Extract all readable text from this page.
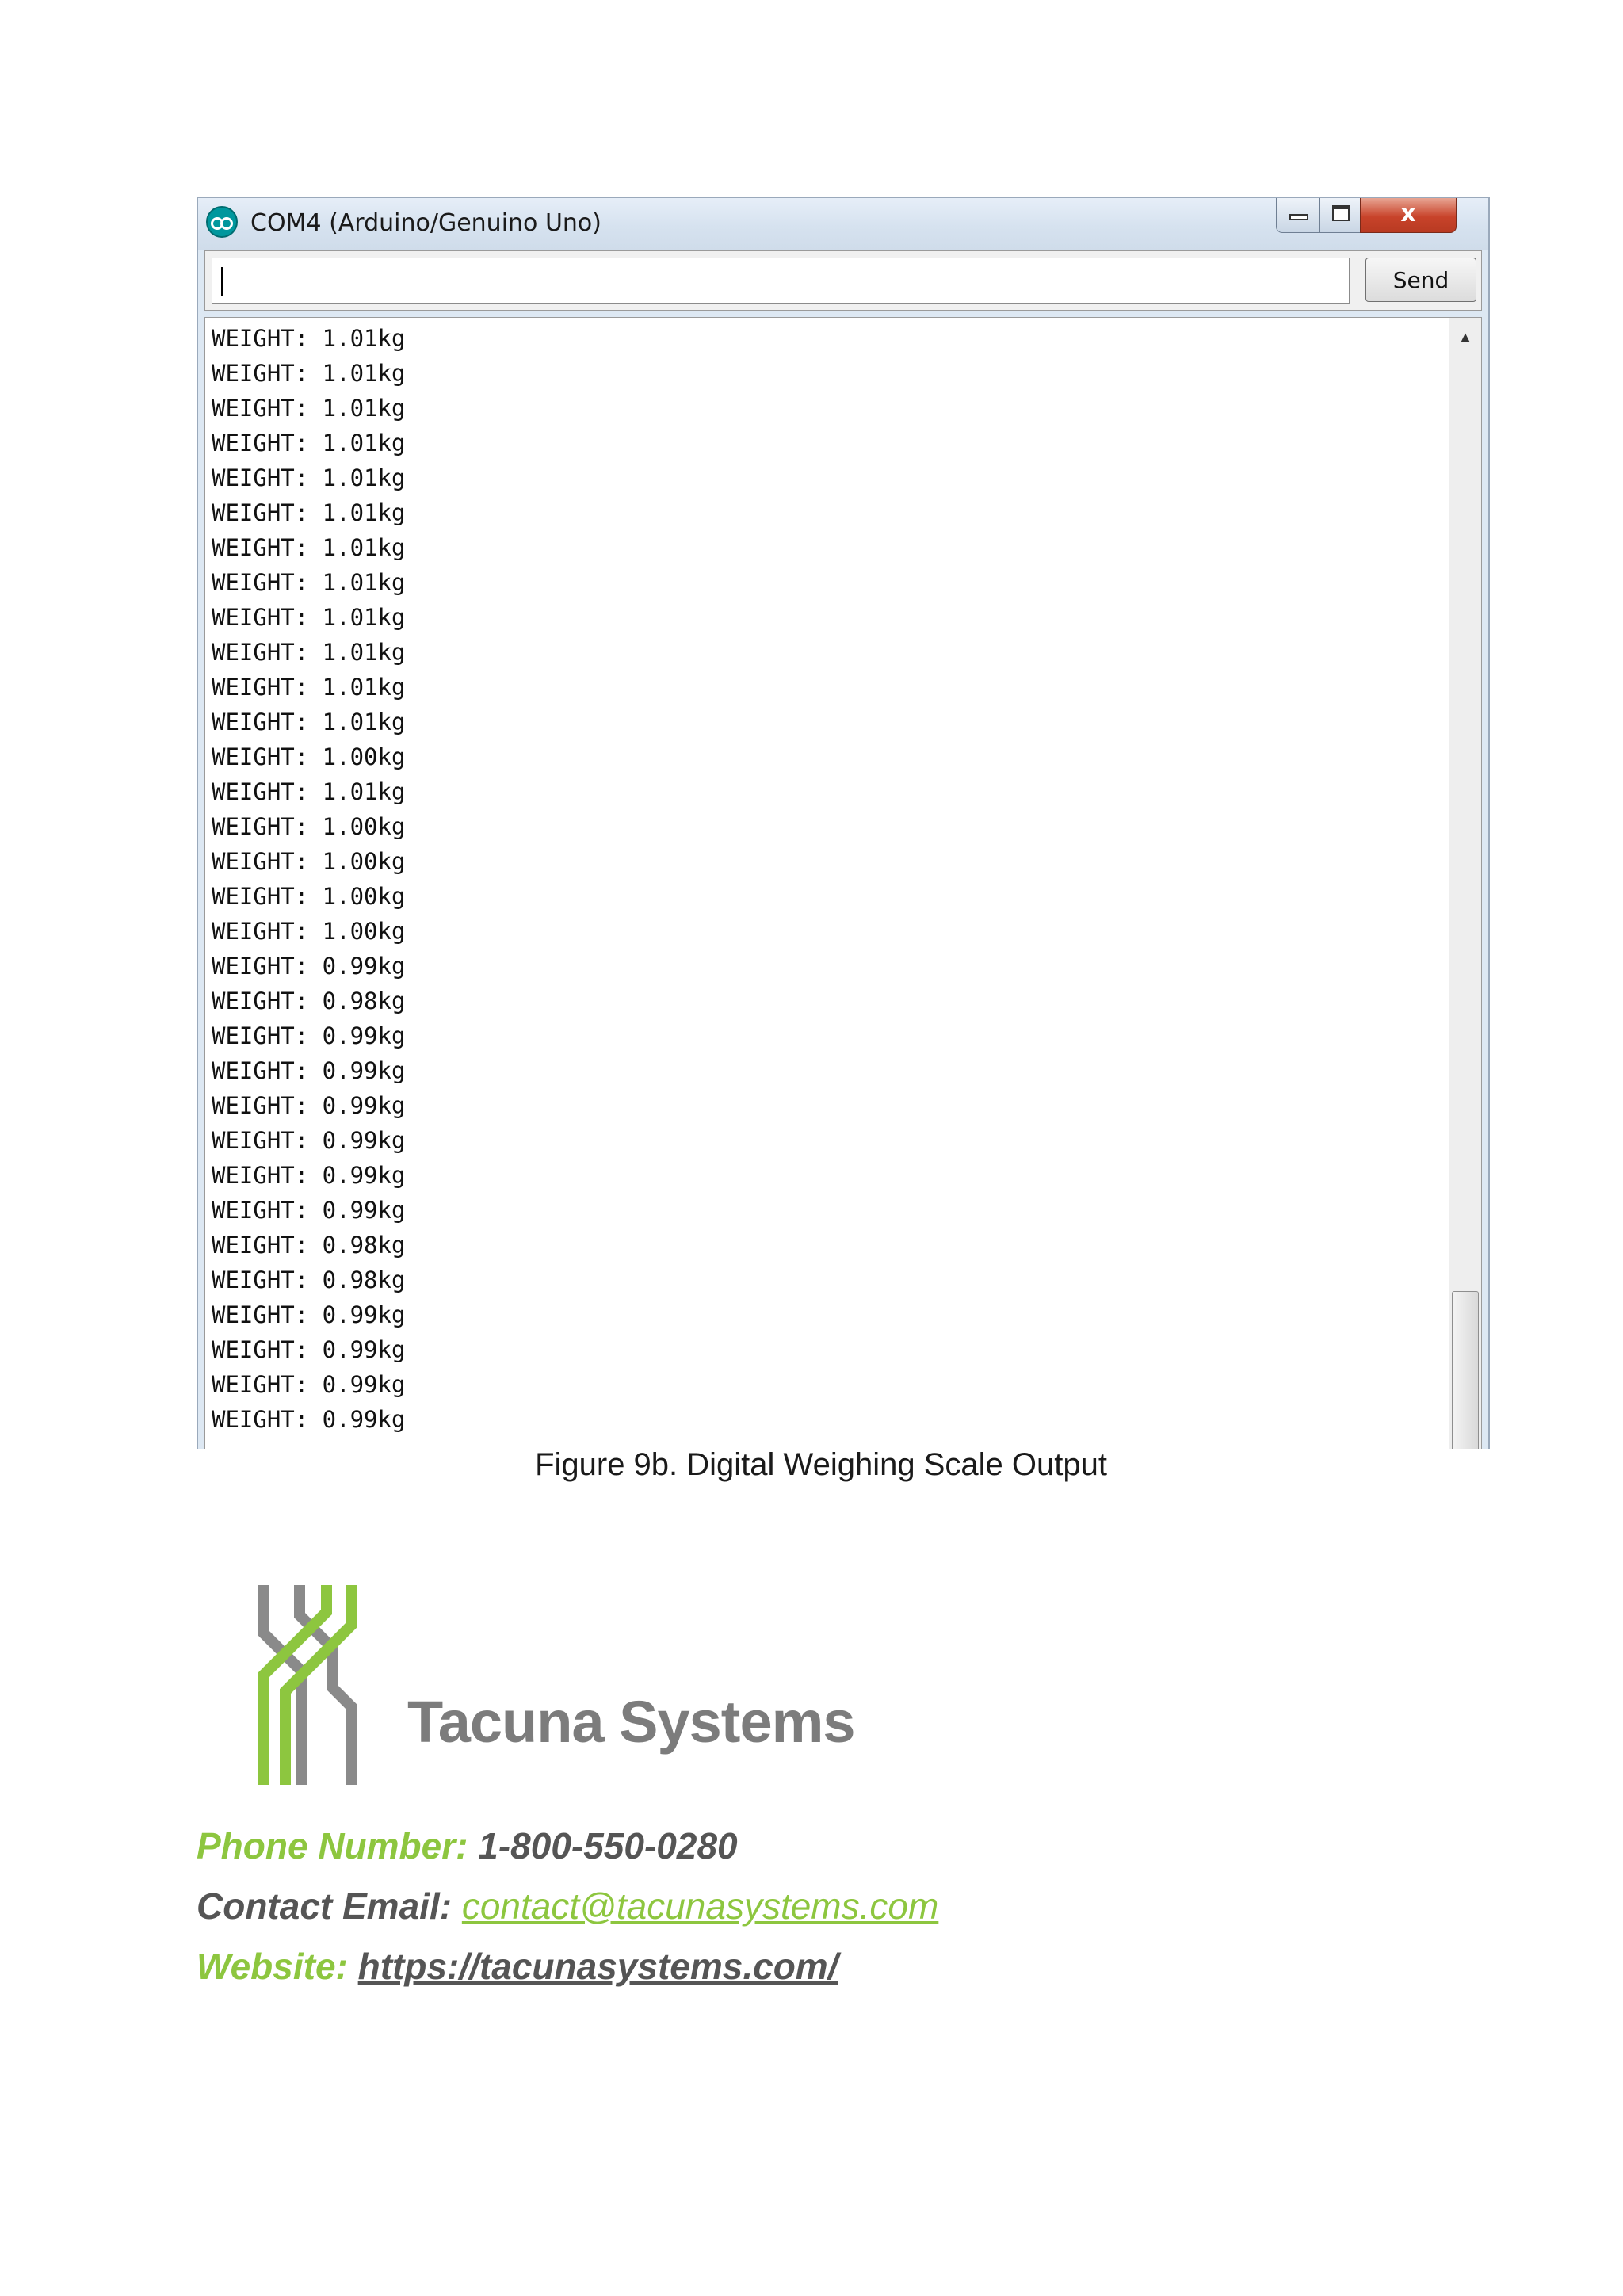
COM4 (Arduino/Genuino Uno)	x
Send
WEIGHT: 1.01kg
WEIGHT: 1.01kg
WEIGHT: 1.01kg
WEIGHT: 1.01kg
WEIGHT: 1.01kg
WEIGHT: 1.01kg
WEIGHT: 1.01kg
WEIGHT: 1.01kg
WEIGHT: 1.01kg
WEIGHT: 1.01kg
WEIGHT: 1.01kg
WEIGHT: 1.01kg
WEIGHT: 1.00kg
WEIGHT: 1.01kg
WEIGHT: 1.00kg
WEIGHT: 1.00kg
WEIGHT: 1.00kg
WEIGHT: 1.00kg
WEIGHT: 0.99kg
WEIGHT: 0.98kg
WEIGHT: 0.99kg
WEIGHT: 0.99kg
WEIGHT: 0.99kg
WEIGHT: 0.99kg
WEIGHT: 0.99kg
WEIGHT: 0.99kg
WEIGHT: 0.98kg
WEIGHT: 0.98kg
WEIGHT: 0.99kg
WEIGHT: 0.99kg
WEIGHT: 0.99kg
WEIGHT: 0.99kg
▲
Figure 9b. Digital Weighing Scale Output
Tacuna Systems
Phone Number: 1-800-550-0280
Contact Email: contact@tacunasystems.com
Website: https://tacunasystems.com/
